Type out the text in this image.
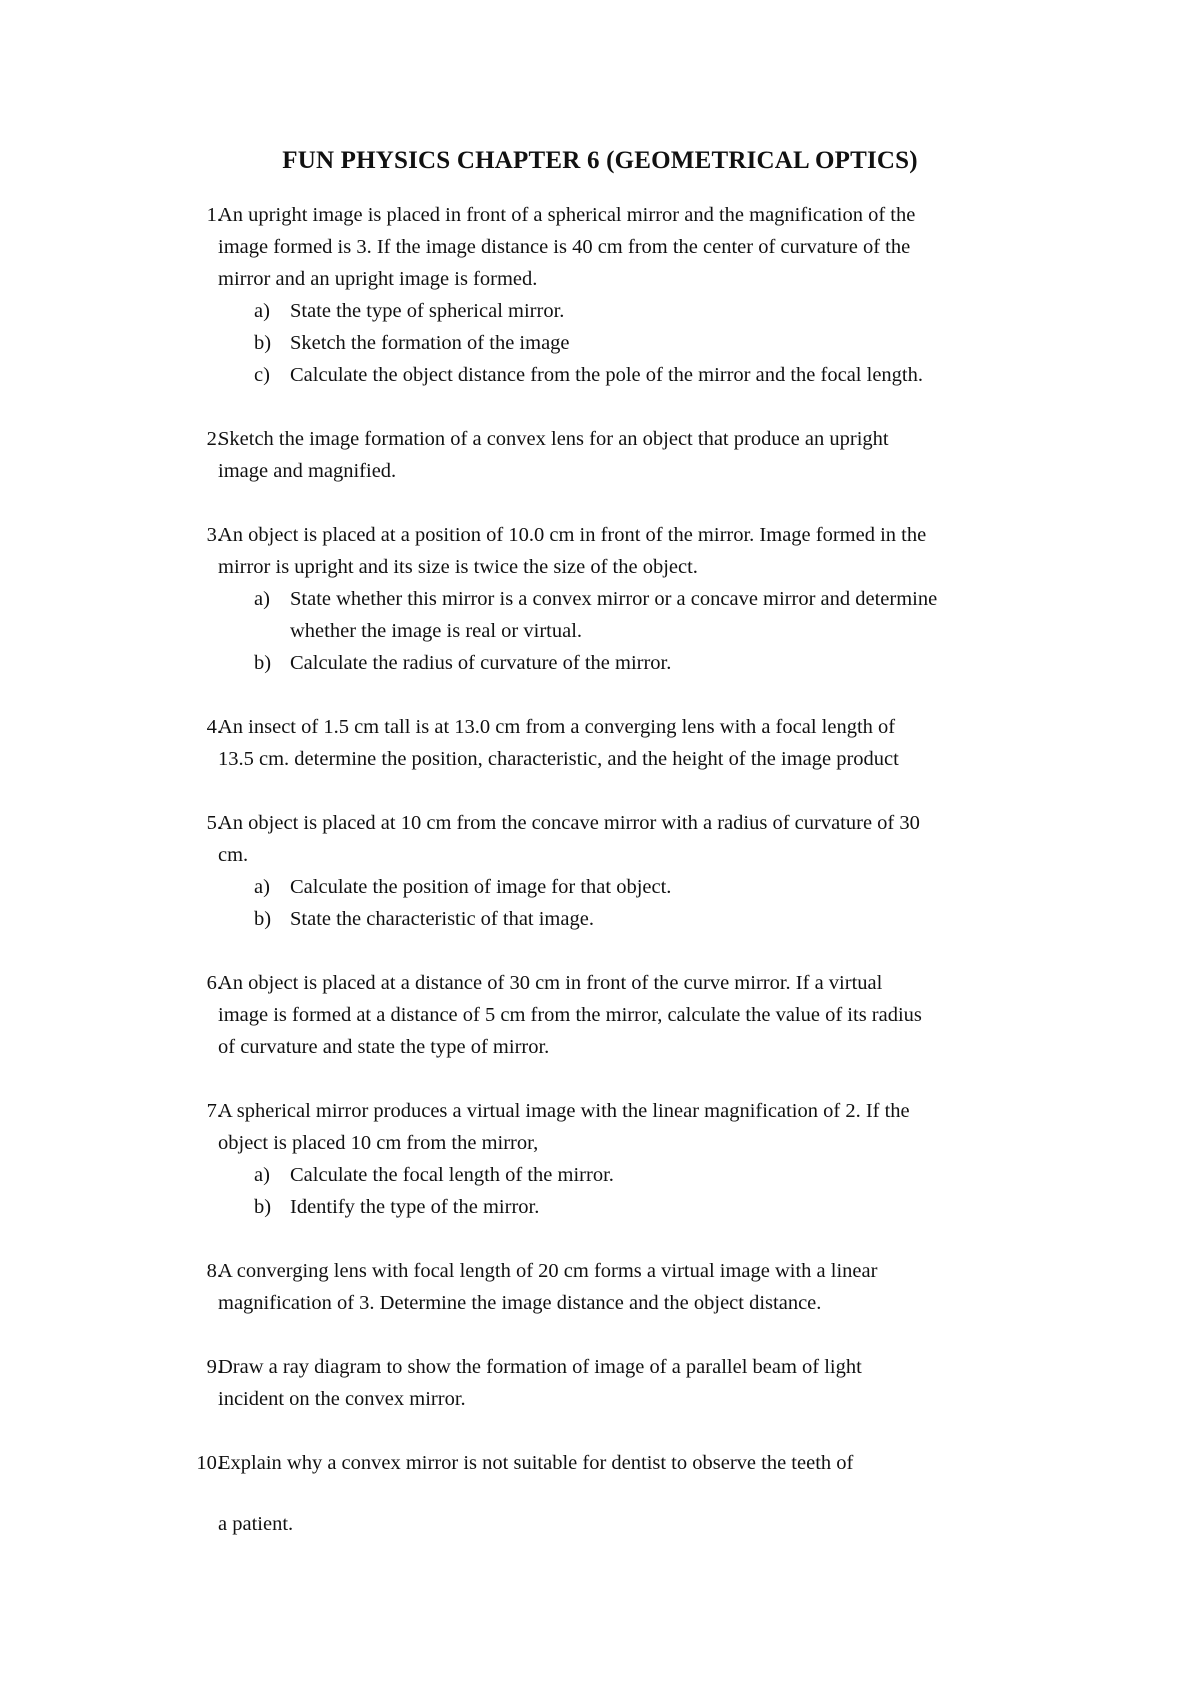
FUN PHYSICS CHAPTER 6 (GEOMETRICAL OPTICS)
1.
An upright image is placed in front of a spherical mirror and the magnification of the
image formed is 3. If the image distance is 40 cm from the center of curvature of the
mirror and an upright image is formed.
a) State the type of spherical mirror.
b) Sketch the formation of the image
c) Calculate the object distance from the pole of the mirror and the focal length.
2.
Sketch the image formation of a convex lens for an object that produce an upright
image and magnified.
3.
An object is placed at a position of 10.0 cm in front of the mirror. Image formed in the
mirror is upright and its size is twice the size of the object.
a) State whether this mirror is a convex mirror or a concave mirror and determine
whether the image is real or virtual.
b) Calculate the radius of curvature of the mirror.
4.
An insect of 1.5 cm tall is at 13.0 cm from a converging lens with a focal length of
13.5 cm. determine the position, characteristic, and the height of the image product
5.
An object is placed at 10 cm from the concave mirror with a radius of curvature of 30
cm.
a) Calculate the position of image for that object.
b) State the characteristic of that image.
6.
An object is placed at a distance of 30 cm in front of the curve mirror. If a virtual
image is formed at a distance of 5 cm from the mirror, calculate the value of its radius
of curvature and state the type of mirror.
7.
A spherical mirror produces a virtual image with the linear magnification of 2. If the
object is placed 10 cm from the mirror,
a) Calculate the focal length of the mirror.
b) Identify the type of the mirror.
8.
A converging lens with focal length of 20 cm forms a virtual image with a linear
magnification of 3. Determine the image distance and the object distance.
9.
Draw a ray diagram to show the formation of image of a parallel beam of light
incident on the convex mirror.
10.
Explain why a convex mirror is not suitable for dentist to observe the teeth of
a patient.
